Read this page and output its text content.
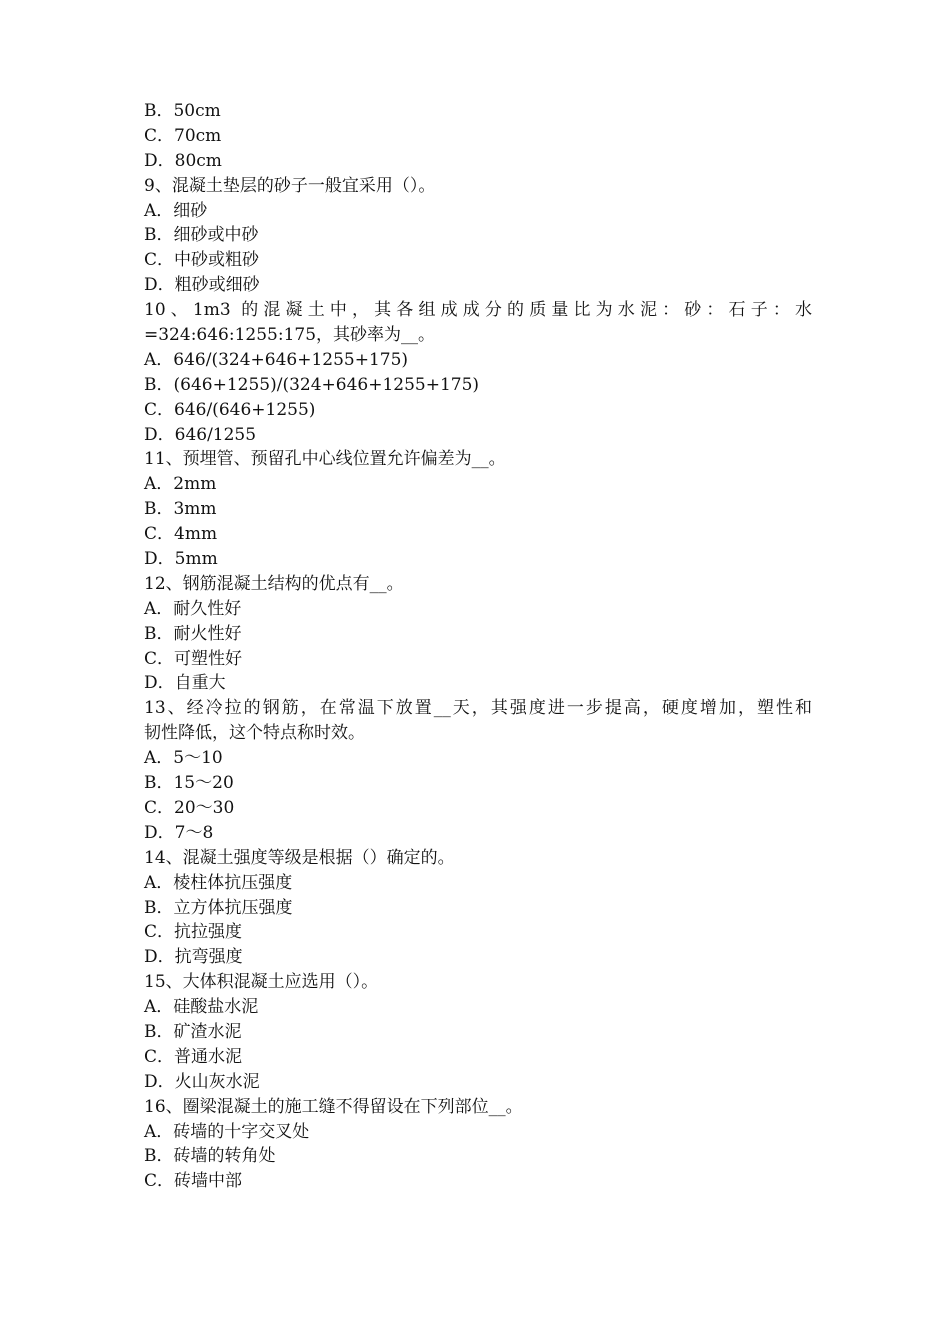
B．50cm
C．70cm
D．80cm
9、混凝土垫层的砂子一般宜采用（）。
A．细砂
B．细砂或中砂
C．中砂或粗砂
D．粗砂或细砂
10、1m3 的混凝土中，其各组成成分的质量比为水泥：砂：石子：水
=324:646:1255:175，其砂率为__。
A．646/(324+646+1255+175)
B．(646+1255)/(324+646+1255+175)
C．646/(646+1255)
D．646/1255
11、预埋管、预留孔中心线位置允许偏差为__。
A．2mm
B．3mm
C．4mm
D．5mm
12、钢筋混凝土结构的优点有__。
A．耐久性好
B．耐火性好
C．可塑性好
D．自重大
13、经冷拉的钢筋，在常温下放置__天，其强度进一步提高，硬度增加，塑性和
韧性降低，这个特点称时效。
A．5～10
B．15～20
C．20～30
D．7～8
14、混凝土强度等级是根据（）确定的。
A．棱柱体抗压强度
B．立方体抗压强度
C．抗拉强度
D．抗弯强度
15、大体积混凝土应选用（）。
A．硅酸盐水泥
B．矿渣水泥
C．普通水泥
D．火山灰水泥
16、圈梁混凝土的施工缝不得留设在下列部位__。
A．砖墙的十字交叉处
B．砖墙的转角处
C．砖墙中部
